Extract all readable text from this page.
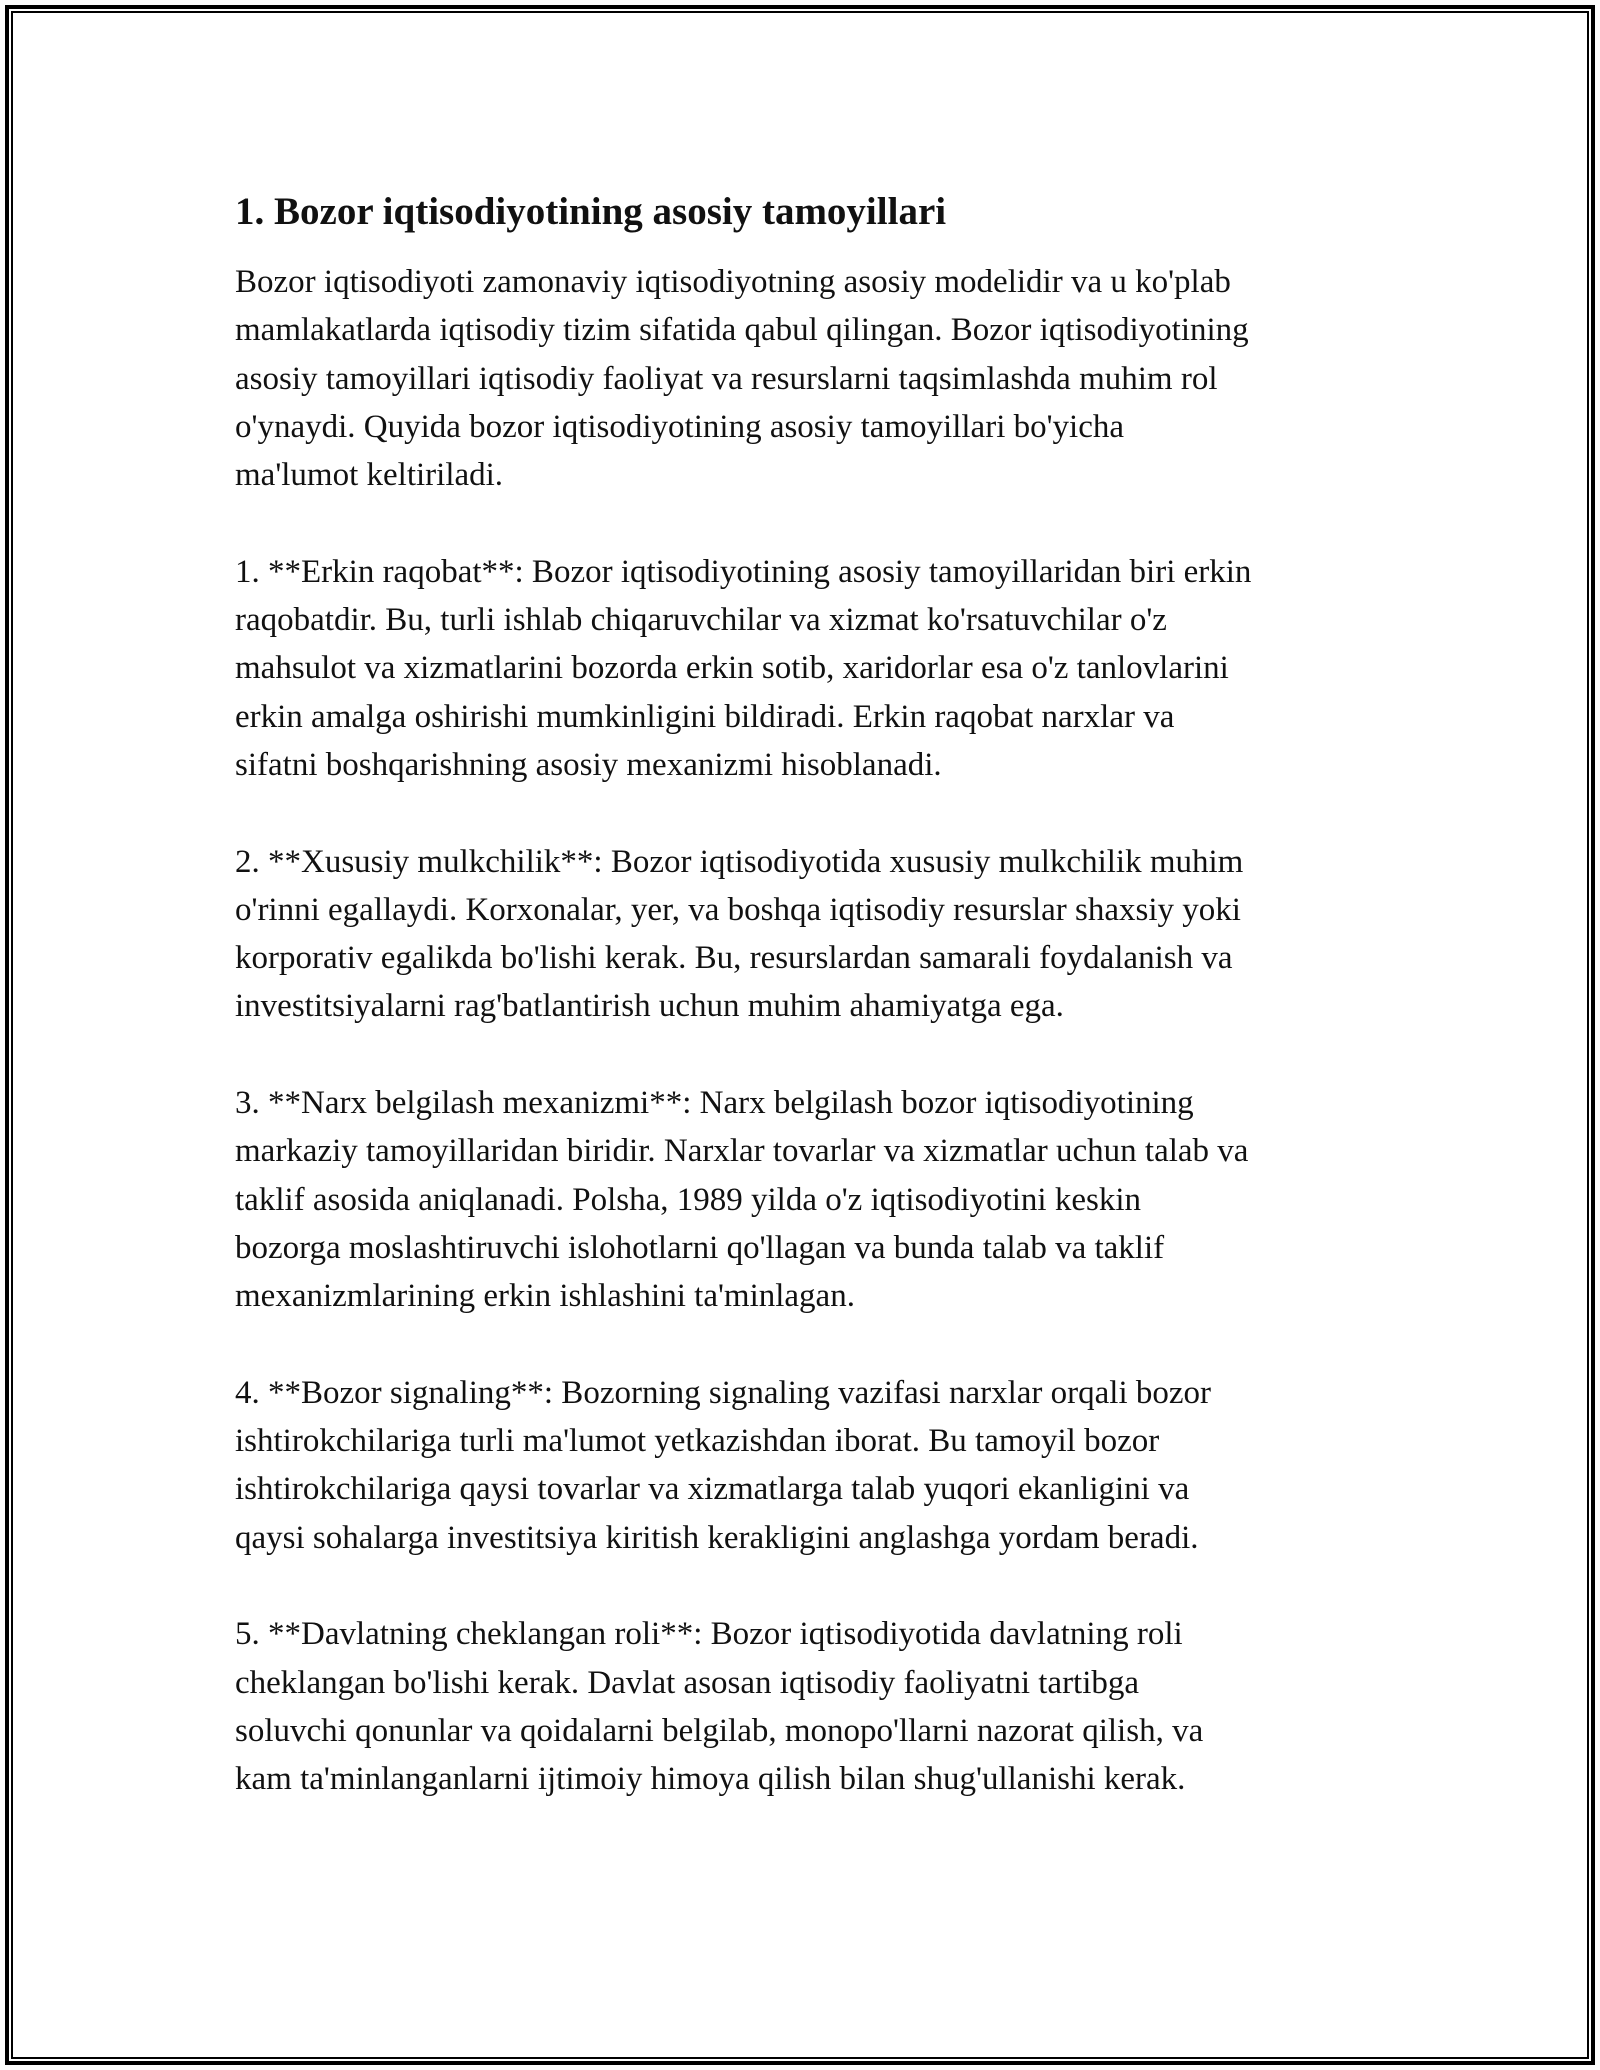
1. Bozor iqtisodiyotining asosiy tamoyillari

Bozor iqtisodiyoti zamonaviy iqtisodiyotning asosiy modelidir va u ko'plab
mamlakatlarda iqtisodiy tizim sifatida qabul qilingan. Bozor iqtisodiyotining
asosiy tamoyillari iqtisodiy faoliyat va resurslarni taqsimlashda muhim rol
o'ynaydi. Quyida bozor iqtisodiyotining asosiy tamoyillari bo'yicha
ma'lumot keltiriladi.

1. **Erkin raqobat**: Bozor iqtisodiyotining asosiy tamoyillaridan biri erkin
raqobatdir. Bu, turli ishlab chiqaruvchilar va xizmat ko'rsatuvchilar o'z
mahsulot va xizmatlarini bozorda erkin sotib, xaridorlar esa o'z tanlovlarini
erkin amalga oshirishi mumkinligini bildiradi. Erkin raqobat narxlar va
sifatni boshqarishning asosiy mexanizmi hisoblanadi.

2. **Xususiy mulkchilik**: Bozor iqtisodiyotida xususiy mulkchilik muhim
o'rinni egallaydi. Korxonalar, yer, va boshqa iqtisodiy resurslar shaxsiy yoki
korporativ egalikda bo'lishi kerak. Bu, resurslardan samarali foydalanish va
investitsiyalarni rag'batlantirish uchun muhim ahamiyatga ega.

3. **Narx belgilash mexanizmi**: Narx belgilash bozor iqtisodiyotining
markaziy tamoyillaridan biridir. Narxlar tovarlar va xizmatlar uchun talab va
taklif asosida aniqlanadi. Polsha, 1989 yilda o'z iqtisodiyotini keskin
bozorga moslashtiruvchi islohotlarni qo'llagan va bunda talab va taklif
mexanizmlarining erkin ishlashini ta'minlagan.

4. **Bozor signaling**: Bozorning signaling vazifasi narxlar orqali bozor
ishtirokchilariga turli ma'lumot yetkazishdan iborat. Bu tamoyil bozor
ishtirokchilariga qaysi tovarlar va xizmatlarga talab yuqori ekanligini va
qaysi sohalarga investitsiya kiritish kerakligini anglashga yordam beradi.

5. **Davlatning cheklangan roli**: Bozor iqtisodiyotida davlatning roli
cheklangan bo'lishi kerak. Davlat asosan iqtisodiy faoliyatni tartibga
soluvchi qonunlar va qoidalarni belgilab, monopo'llarni nazorat qilish, va
kam ta'minlanganlarni ijtimoiy himoya qilish bilan shug'ullanishi kerak.
